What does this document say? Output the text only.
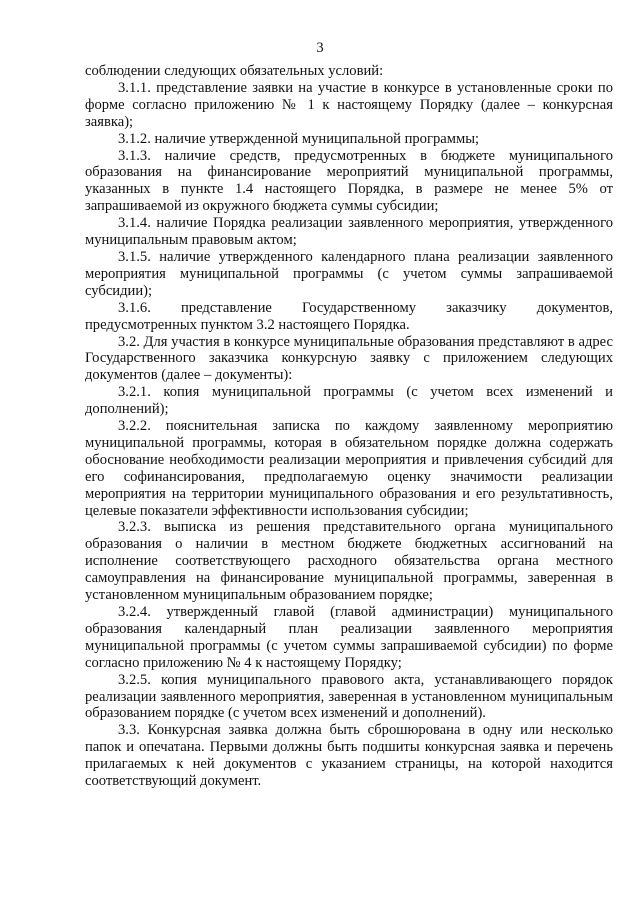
3

соблюдении следующих обязательных условий:

3.1.1. представление заявки на участие в конкурсе в установленные сроки по форме согласно приложению № 1 к настоящему Порядку (далее – конкурсная заявка);

3.1.2. наличие утвержденной муниципальной программы;

3.1.3. наличие средств, предусмотренных в бюджете муниципального образования на финансирование мероприятий муниципальной программы, указанных в пункте 1.4 настоящего Порядка, в размере не менее 5% от запрашиваемой из окружного бюджета суммы субсидии;

3.1.4. наличие Порядка реализации заявленного мероприятия, утвержденного муниципальным правовым актом;

3.1.5. наличие утвержденного календарного плана реализации заявленного мероприятия муниципальной программы (с учетом суммы запрашиваемой субсидии);

3.1.6. представление Государственному заказчику документов, предусмотренных пунктом 3.2 настоящего Порядка.

3.2. Для участия в конкурсе муниципальные образования представляют в адрес Государственного заказчика конкурсную заявку с приложением следующих документов (далее – документы):

3.2.1. копия муниципальной программы (с учетом всех изменений и дополнений);

3.2.2. пояснительная записка по каждому заявленному мероприятию муниципальной программы, которая в обязательном порядке должна содержать обоснование необходимости реализации мероприятия и привлечения субсидий для его софинансирования, предполагаемую оценку значимости реализации мероприятия на территории муниципального образования и его результативность, целевые показатели эффективности использования субсидии;

3.2.3. выписка из решения представительного органа муниципального образования о наличии в местном бюджете бюджетных ассигнований на исполнение соответствующего расходного обязательства органа местного самоуправления на финансирование муниципальной программы, заверенная в установленном муниципальным образованием порядке;

3.2.4. утвержденный главой (главой администрации) муниципального образования календарный план реализации заявленного мероприятия муниципальной программы (с учетом суммы запрашиваемой субсидии) по форме согласно приложению № 4 к настоящему Порядку;

3.2.5. копия муниципального правового акта, устанавливающего порядок реализации заявленного мероприятия, заверенная в установленном муниципальным образованием порядке (с учетом всех изменений и дополнений).

3.3. Конкурсная заявка должна быть сброшюрована в одну или несколько папок и опечатана. Первыми должны быть подшиты конкурсная заявка и перечень прилагаемых к ней документов с указанием страницы, на которой находится соответствующий документ.
